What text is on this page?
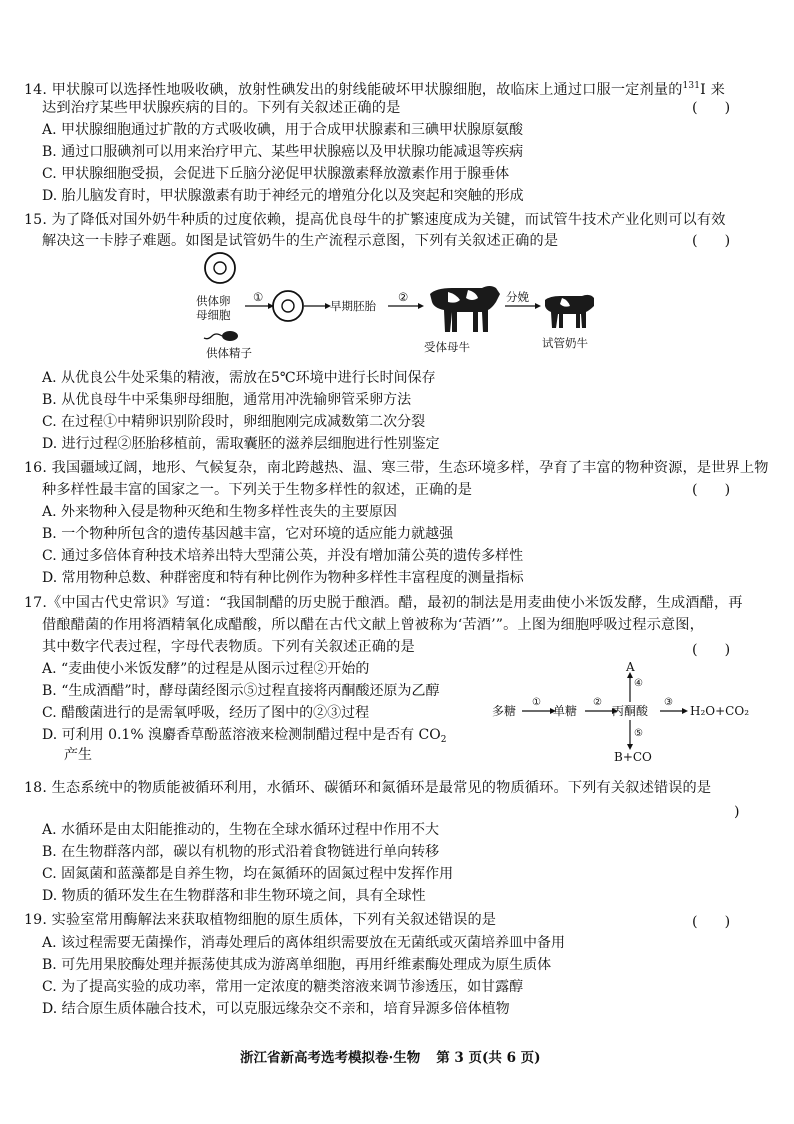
14. 甲状腺可以选择性地吸收碘，放射性碘发出的射线能破坏甲状腺细胞，故临床上通过口服一定剂量的$^{131}$I 来
达到治疗某些甲状腺疾病的目的。下列有关叙述正确的是	(      )
A. 甲状腺细胞通过扩散的方式吸收碘，用于合成甲状腺素和三碘甲状腺原氨酸
B. 通过口服碘剂可以用来治疗甲亢、某些甲状腺癌以及甲状腺功能减退等疾病
C. 甲状腺细胞受损，会促进下丘脑分泌促甲状腺激素释放激素作用于腺垂体
D. 胎儿脑发育时，甲状腺激素有助于神经元的增殖分化以及突起和突触的形成
15. 为了降低对国外奶牛种质的过度依赖，提高优良母牛的扩繁速度成为关键，而试管牛技术产业化则可以有效
解决这一卡脖子难题。如图是试管奶牛的生产流程示意图，下列有关叙述正确的是	(      )
供体卵
母细胞
①
早期胚胎
②	分娩
供体精子	受体母牛	试管奶牛
A. 从优良公牛处采集的精液，需放在5℃环境中进行长时间保存
B. 从优良母牛中采集卵母细胞，通常用冲洗输卵管采卵方法
C. 在过程①中精卵识别阶段时，卵细胞刚完成减数第二次分裂
D. 进行过程②胚胎移植前，需取囊胚的滋养层细胞进行性别鉴定
16. 我国疆域辽阔，地形、气候复杂，南北跨越热、温、寒三带，生态环境多样，孕育了丰富的物种资源，是世界上物
种多样性最丰富的国家之一。下列关于生物多样性的叙述，正确的是	(      )
A. 外来物种入侵是物种灭绝和生物多样性丧失的主要原因
B. 一个物种所包含的遗传基因越丰富，它对环境的适应能力就越强
C. 通过多倍体育种技术培养出特大型蒲公英，并没有增加蒲公英的遗传多样性
D. 常用物种总数、种群密度和特有种比例作为物种多样性丰富程度的测量指标
17.《中国古代史常识》写道：“我国制醋的历史脱于酿酒。醋，最初的制法是用麦曲使小米饭发酵，生成酒醋，再
借酿醋菌的作用将酒精氧化成醋酸，所以醋在古代文献上曾被称为‘苦酒’”。上图为细胞呼吸过程示意图，
其中数字代表过程，字母代表物质。下列有关叙述正确的是	(      )
A. “麦曲使小米饭发酵”的过程是从图示过程②开始的
B. “生成酒醋”时，酵母菌经图示⑤过程直接将丙酮酸还原为乙醇
C. 醋酸菌进行的是需氧呼吸，经历了图中的②③过程
D. 可利用 0.1% 溴麝香草酚蓝溶液来检测制醋过程中是否有 $CO_2$
产生
多糖	单糖	丙酮酸	H₂O+CO₂
A
B+CO
①	②	③
④
⑤
18. 生态系统中的物质能被循环利用，水循环、碳循环和氮循环是最常见的物质循环。下列有关叙述错误的是
)
A. 水循环是由太阳能推动的，生物在全球水循环过程中作用不大
B. 在生物群落内部，碳以有机物的形式沿着食物链进行单向转移
C. 固氮菌和蓝藻都是自养生物，均在氮循环的固氮过程中发挥作用
D. 物质的循环发生在生物群落和非生物环境之间，具有全球性
19. 实验室常用酶解法来获取植物细胞的原生质体，下列有关叙述错误的是	(      )
A. 该过程需要无菌操作，消毒处理后的离体组织需要放在无菌纸或灭菌培养皿中备用
B. 可先用果胶酶处理并振荡使其成为游离单细胞，再用纤维素酶处理成为原生质体
C. 为了提高实验的成功率，常用一定浓度的糖类溶液来调节渗透压，如甘露醇
D. 结合原生质体融合技术，可以克服远缘杂交不亲和，培育异源多倍体植物
浙江省新高考选考模拟卷·生物 第 3 页(共 6 页)
